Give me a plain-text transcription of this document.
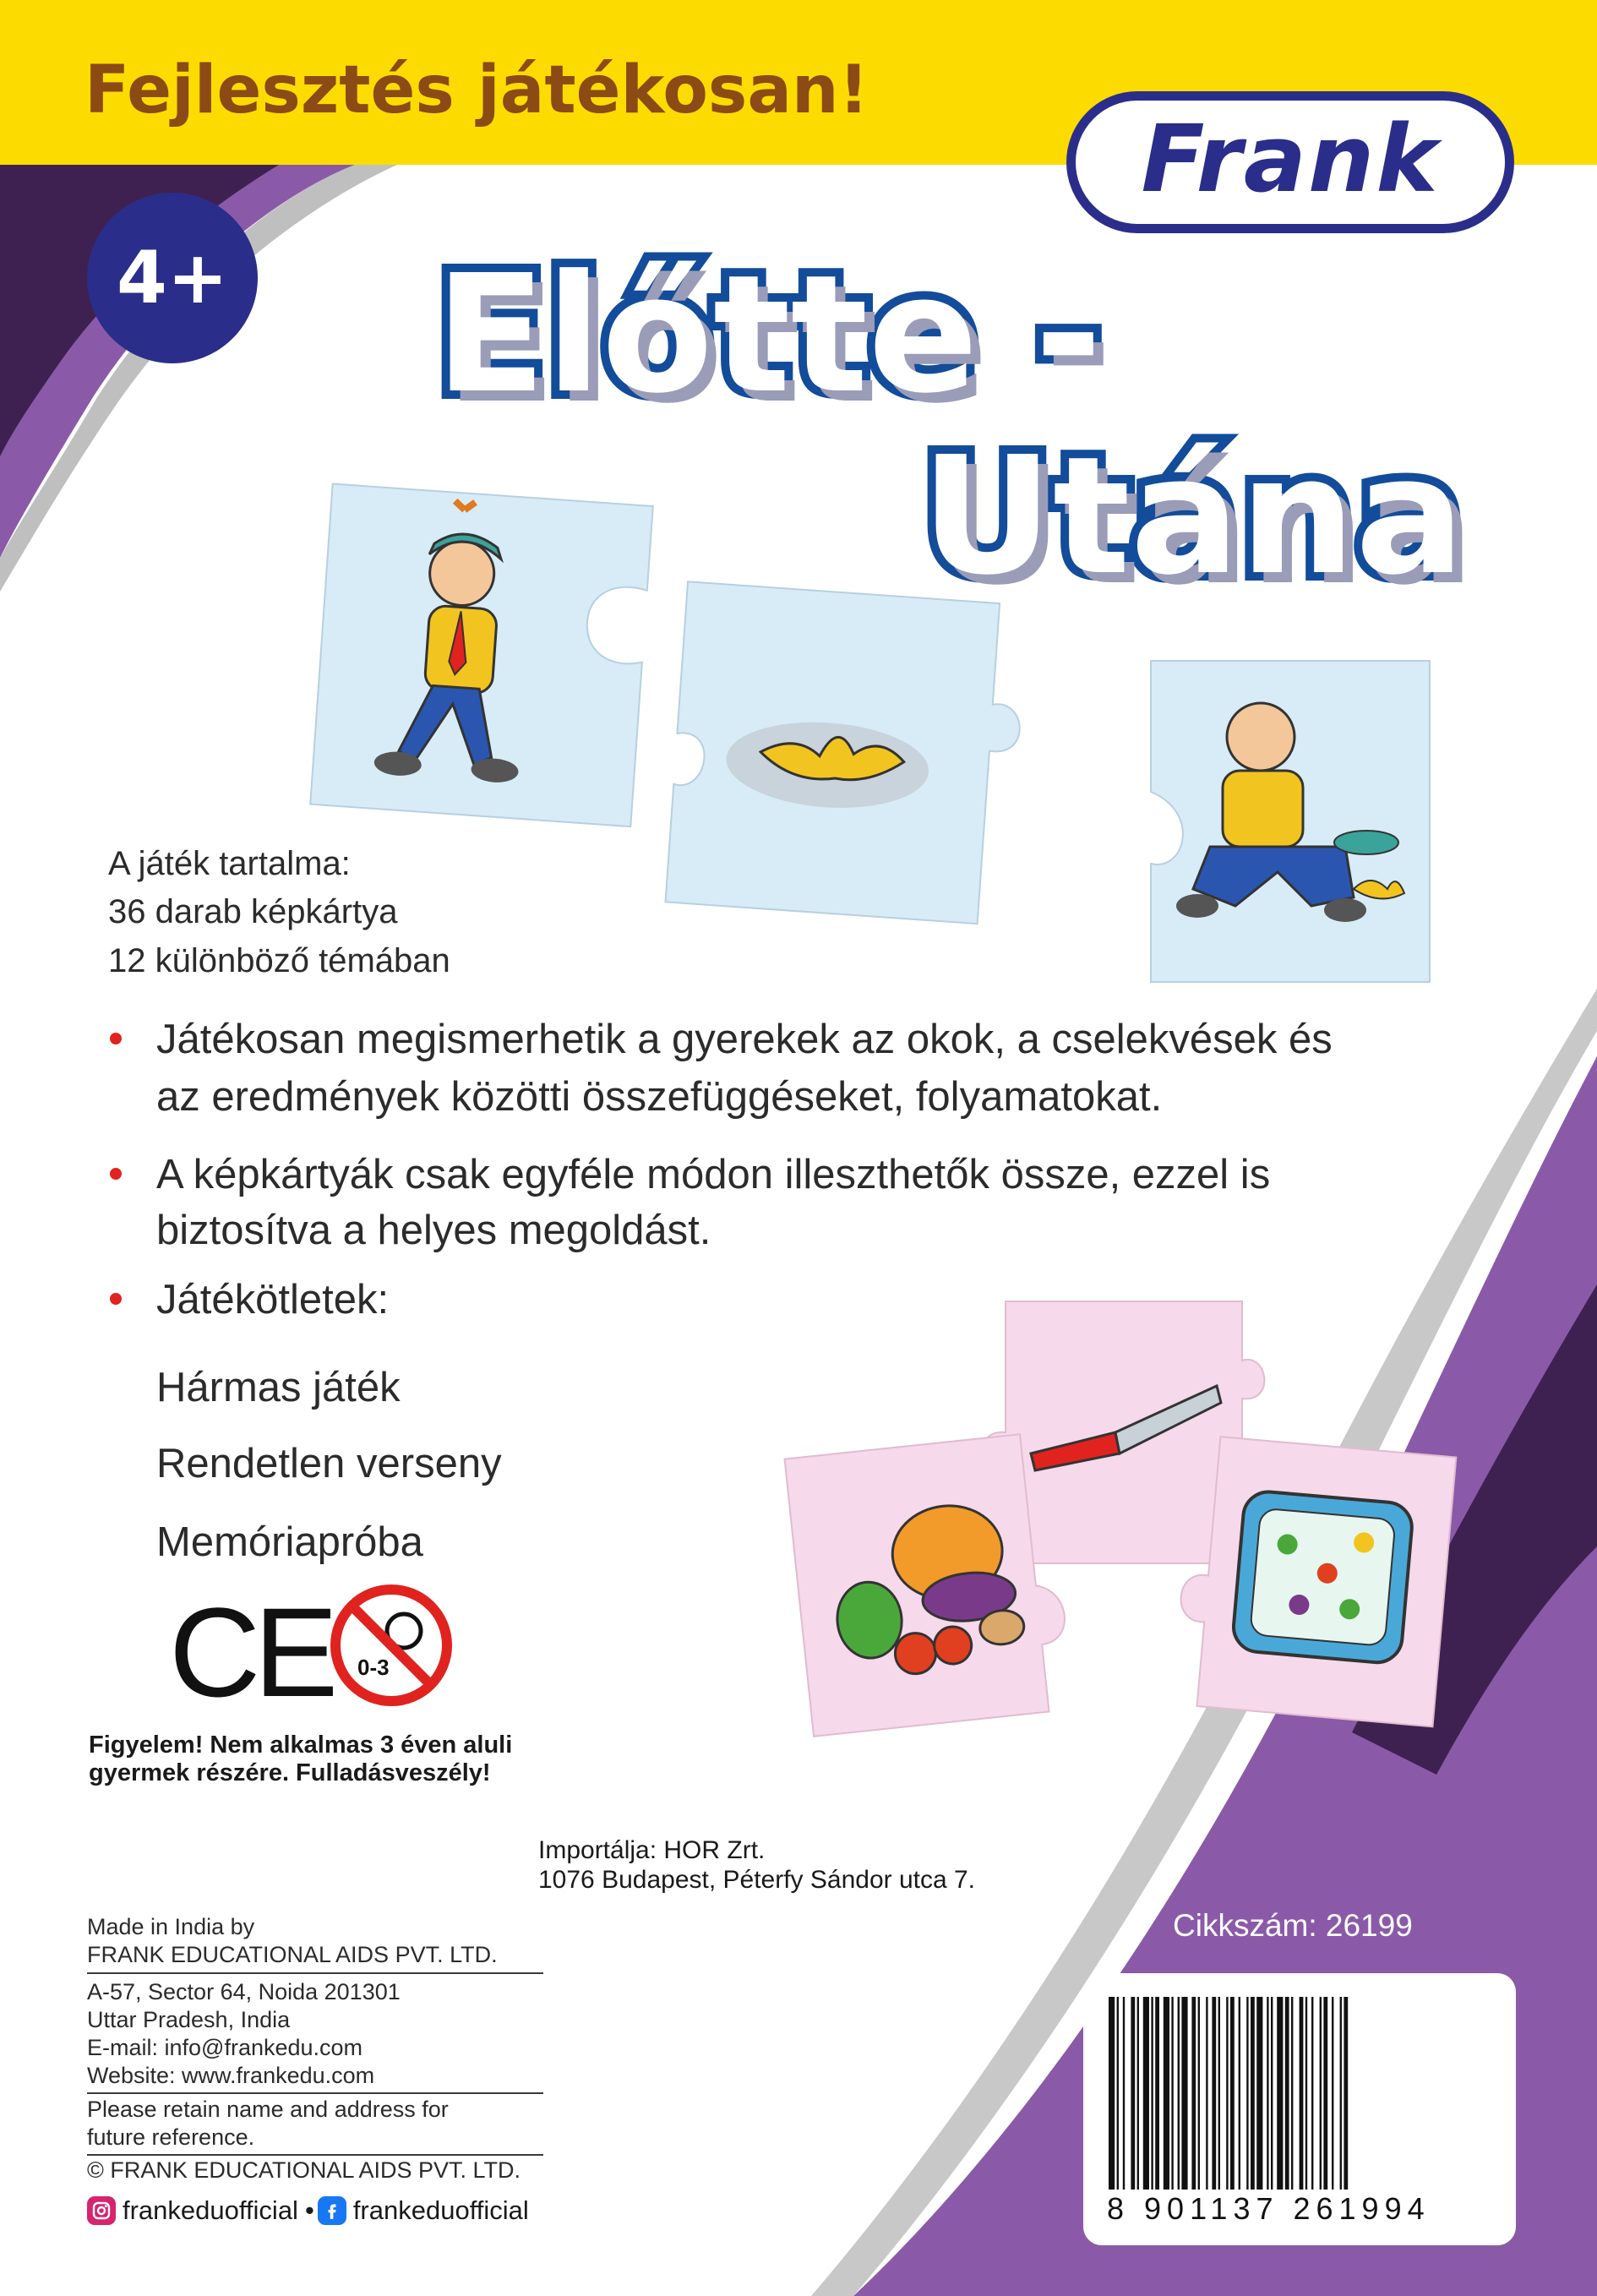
Fejlesztés játékosan!
Frank
4+ Előtte -
Utána
A játék tartalma:
36 darab képkártya
12 különböző témában
Játékosan megismerhetik a gyerekek az okok, a cselekvések és
az eredmények közötti összefüggéseket, folyamatokat.
A képkártyák csak egyféle módon illeszthetők össze, ezzel is
biztosítva a helyes megoldást.
Játékötletek:
Hármas játék
Rendetlen verseny
Memóriapróba
CE 0-3
Figyelem! Nem alkalmas 3 éven aluli
gyermek részére. Fulladásveszély!
Importálja: HOR Zrt.
1076 Budapest, Péterfy Sándor utca 7.
Cikkszám: 26199
Made in India by
FRANK EDUCATIONAL AIDS PVT. LTD.
A-57, Sector 64, Noida 201301
Uttar Pradesh, India
E-mail: info@frankedu.com
Website: www.frankedu.com
Please retain name and address for
future reference.
© FRANK EDUCATIONAL AIDS PVT. LTD.
frankeduofficial • frankeduofficial	8 901137 261994
